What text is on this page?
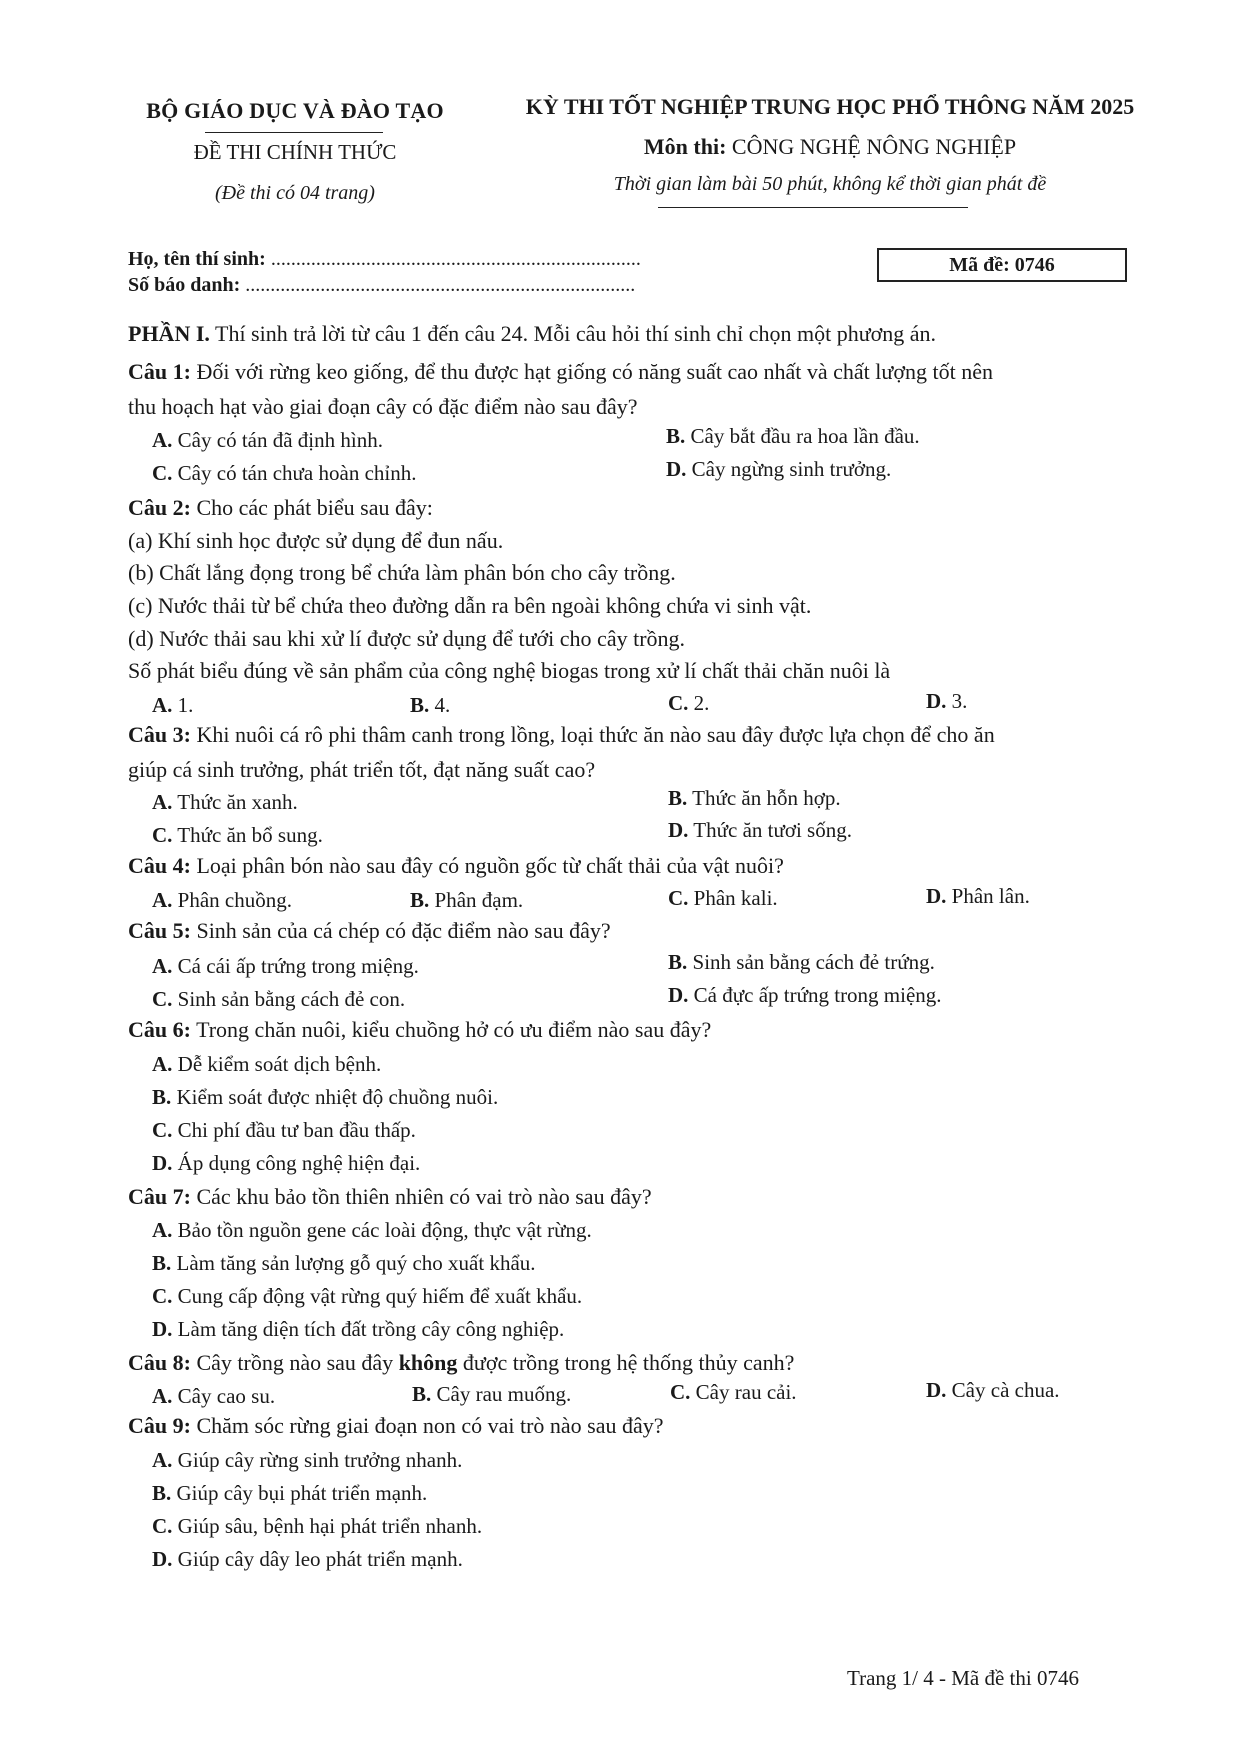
BỘ GIÁO DỤC VÀ ĐÀO TẠO
ĐỀ THI CHÍNH THỨC
(Đề thi có 04 trang)
KỲ THI TỐT NGHIỆP TRUNG HỌC PHỔ THÔNG NĂM 2025
Môn thi: CÔNG NGHỆ NÔNG NGHIỆP
Thời gian làm bài 50 phút, không kể thời gian phát đề
Họ, tên thí sinh: ..........................................................................
Số báo danh: ..............................................................................
Mã đề: 0746
PHẦN I. Thí sinh trả lời từ câu 1 đến câu 24. Mỗi câu hỏi thí sinh chỉ chọn một phương án.
Câu 1: Đối với rừng keo giống, để thu được hạt giống có năng suất cao nhất và chất lượng tốt nên
thu hoạch hạt vào giai đoạn cây có đặc điểm nào sau đây?
A. Cây có tán đã định hình.	B. Cây bắt đầu ra hoa lần đầu.
C. Cây có tán chưa hoàn chỉnh.	D. Cây ngừng sinh trưởng.
Câu 2: Cho các phát biểu sau đây:
(a) Khí sinh học được sử dụng để đun nấu.
(b) Chất lắng đọng trong bể chứa làm phân bón cho cây trồng.
(c) Nước thải từ bể chứa theo đường dẫn ra bên ngoài không chứa vi sinh vật.
(d) Nước thải sau khi xử lí được sử dụng để tưới cho cây trồng.
Số phát biểu đúng về sản phẩm của công nghệ biogas trong xử lí chất thải chăn nuôi là
A. 1.	B. 4.	C. 2.	D. 3.
Câu 3: Khi nuôi cá rô phi thâm canh trong lồng, loại thức ăn nào sau đây được lựa chọn để cho ăn
giúp cá sinh trưởng, phát triển tốt, đạt năng suất cao?
A. Thức ăn xanh.	B. Thức ăn hỗn hợp.
C. Thức ăn bổ sung.	D. Thức ăn tươi sống.
Câu 4: Loại phân bón nào sau đây có nguồn gốc từ chất thải của vật nuôi?
A. Phân chuồng.	B. Phân đạm.	C. Phân kali.	D. Phân lân.
Câu 5: Sinh sản của cá chép có đặc điểm nào sau đây?
A. Cá cái ấp trứng trong miệng.	B. Sinh sản bằng cách đẻ trứng.
C. Sinh sản bằng cách đẻ con.	D. Cá đực ấp trứng trong miệng.
Câu 6: Trong chăn nuôi, kiểu chuồng hở có ưu điểm nào sau đây?
A. Dễ kiểm soát dịch bệnh.
B. Kiểm soát được nhiệt độ chuồng nuôi.
C. Chi phí đầu tư ban đầu thấp.
D. Áp dụng công nghệ hiện đại.
Câu 7: Các khu bảo tồn thiên nhiên có vai trò nào sau đây?
A. Bảo tồn nguồn gene các loài động, thực vật rừng.
B. Làm tăng sản lượng gỗ quý cho xuất khẩu.
C. Cung cấp động vật rừng quý hiếm để xuất khẩu.
D. Làm tăng diện tích đất trồng cây công nghiệp.
Câu 8: Cây trồng nào sau đây không được trồng trong hệ thống thủy canh?
A. Cây cao su.	B. Cây rau muống.	C. Cây rau cải.	D. Cây cà chua.
Câu 9: Chăm sóc rừng giai đoạn non có vai trò nào sau đây?
A. Giúp cây rừng sinh trưởng nhanh.
B. Giúp cây bụi phát triển mạnh.
C. Giúp sâu, bệnh hại phát triển nhanh.
D. Giúp cây dây leo phát triển mạnh.
Trang 1/ 4 - Mã đề thi 0746
